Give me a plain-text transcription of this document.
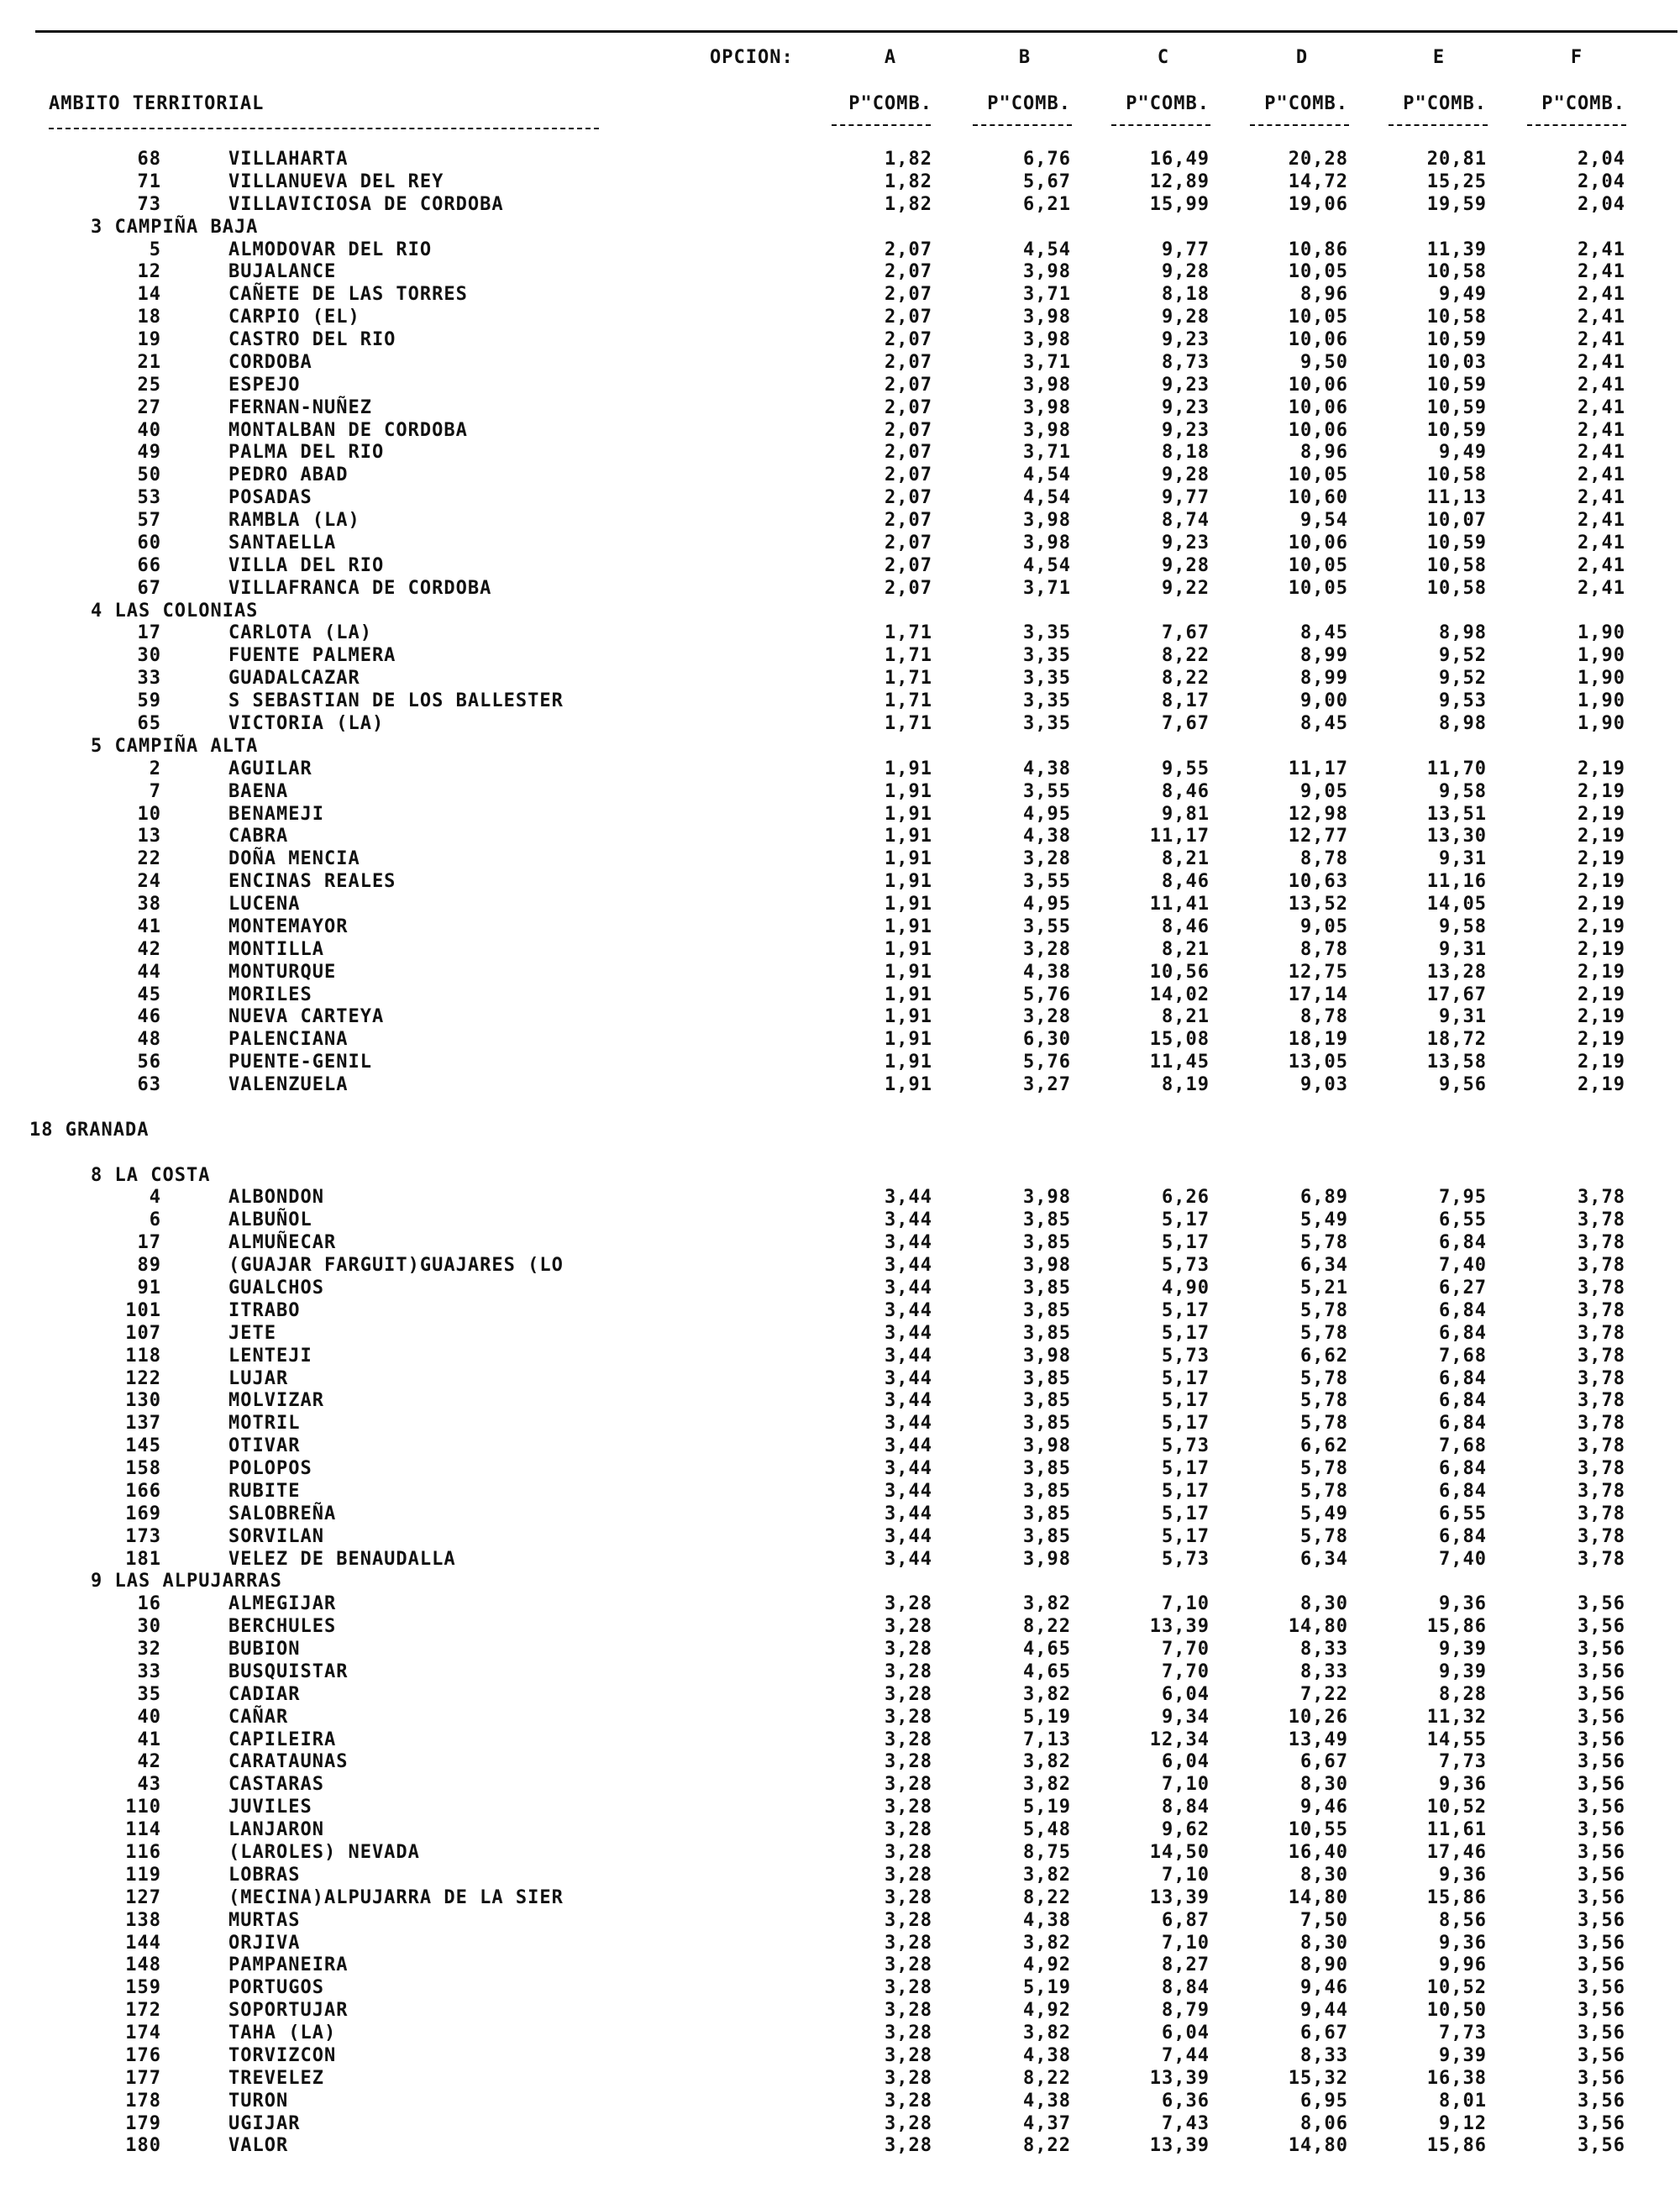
OPCION:	A	B	C	D	E	F
AMBITO TERRITORIAL	P"COMB.	P"COMB.	P"COMB.	P"COMB.	P"COMB.	P"COMB.
68	VILLAHARTA	1,82	6,76	16,49	20,28	20,81	2,04
71	VILLANUEVA DEL REY	1,82	5,67	12,89	14,72	15,25	2,04
73	VILLAVICIOSA DE CORDOBA	1,82	6,21	15,99	19,06	19,59	2,04
3 CAMPIÑA BAJA
5	ALMODOVAR DEL RIO	2,07	4,54	9,77	10,86	11,39	2,41
12	BUJALANCE	2,07	3,98	9,28	10,05	10,58	2,41
14	CAÑETE DE LAS TORRES	2,07	3,71	8,18	8,96	9,49	2,41
18	CARPIO (EL)	2,07	3,98	9,28	10,05	10,58	2,41
19	CASTRO DEL RIO	2,07	3,98	9,23	10,06	10,59	2,41
21	CORDOBA	2,07	3,71	8,73	9,50	10,03	2,41
25	ESPEJO	2,07	3,98	9,23	10,06	10,59	2,41
27	FERNAN-NUÑEZ	2,07	3,98	9,23	10,06	10,59	2,41
40	MONTALBAN DE CORDOBA	2,07	3,98	9,23	10,06	10,59	2,41
49	PALMA DEL RIO	2,07	3,71	8,18	8,96	9,49	2,41
50	PEDRO ABAD	2,07	4,54	9,28	10,05	10,58	2,41
53	POSADAS	2,07	4,54	9,77	10,60	11,13	2,41
57	RAMBLA (LA)	2,07	3,98	8,74	9,54	10,07	2,41
60	SANTAELLA	2,07	3,98	9,23	10,06	10,59	2,41
66	VILLA DEL RIO	2,07	4,54	9,28	10,05	10,58	2,41
67	VILLAFRANCA DE CORDOBA	2,07	3,71	9,22	10,05	10,58	2,41
4 LAS COLONIAS
17	CARLOTA (LA)	1,71	3,35	7,67	8,45	8,98	1,90
30	FUENTE PALMERA	1,71	3,35	8,22	8,99	9,52	1,90
33	GUADALCAZAR	1,71	3,35	8,22	8,99	9,52	1,90
59	S SEBASTIAN DE LOS BALLESTER	1,71	3,35	8,17	9,00	9,53	1,90
65	VICTORIA (LA)	1,71	3,35	7,67	8,45	8,98	1,90
5 CAMPIÑA ALTA
2	AGUILAR	1,91	4,38	9,55	11,17	11,70	2,19
7	BAENA	1,91	3,55	8,46	9,05	9,58	2,19
10	BENAMEJI	1,91	4,95	9,81	12,98	13,51	2,19
13	CABRA	1,91	4,38	11,17	12,77	13,30	2,19
22	DOÑA MENCIA	1,91	3,28	8,21	8,78	9,31	2,19
24	ENCINAS REALES	1,91	3,55	8,46	10,63	11,16	2,19
38	LUCENA	1,91	4,95	11,41	13,52	14,05	2,19
41	MONTEMAYOR	1,91	3,55	8,46	9,05	9,58	2,19
42	MONTILLA	1,91	3,28	8,21	8,78	9,31	2,19
44	MONTURQUE	1,91	4,38	10,56	12,75	13,28	2,19
45	MORILES	1,91	5,76	14,02	17,14	17,67	2,19
46	NUEVA CARTEYA	1,91	3,28	8,21	8,78	9,31	2,19
48	PALENCIANA	1,91	6,30	15,08	18,19	18,72	2,19
56	PUENTE-GENIL	1,91	5,76	11,45	13,05	13,58	2,19
63	VALENZUELA	1,91	3,27	8,19	9,03	9,56	2,19
18 GRANADA
8 LA COSTA
4	ALBONDON	3,44	3,98	6,26	6,89	7,95	3,78
6	ALBUÑOL	3,44	3,85	5,17	5,49	6,55	3,78
17	ALMUÑECAR	3,44	3,85	5,17	5,78	6,84	3,78
89	(GUAJAR FARGUIT)GUAJARES (LO	3,44	3,98	5,73	6,34	7,40	3,78
91	GUALCHOS	3,44	3,85	4,90	5,21	6,27	3,78
101	ITRABO	3,44	3,85	5,17	5,78	6,84	3,78
107	JETE	3,44	3,85	5,17	5,78	6,84	3,78
118	LENTEJI	3,44	3,98	5,73	6,62	7,68	3,78
122	LUJAR	3,44	3,85	5,17	5,78	6,84	3,78
130	MOLVIZAR	3,44	3,85	5,17	5,78	6,84	3,78
137	MOTRIL	3,44	3,85	5,17	5,78	6,84	3,78
145	OTIVAR	3,44	3,98	5,73	6,62	7,68	3,78
158	POLOPOS	3,44	3,85	5,17	5,78	6,84	3,78
166	RUBITE	3,44	3,85	5,17	5,78	6,84	3,78
169	SALOBREÑA	3,44	3,85	5,17	5,49	6,55	3,78
173	SORVILAN	3,44	3,85	5,17	5,78	6,84	3,78
181	VELEZ DE BENAUDALLA	3,44	3,98	5,73	6,34	7,40	3,78
9 LAS ALPUJARRAS
16	ALMEGIJAR	3,28	3,82	7,10	8,30	9,36	3,56
30	BERCHULES	3,28	8,22	13,39	14,80	15,86	3,56
32	BUBION	3,28	4,65	7,70	8,33	9,39	3,56
33	BUSQUISTAR	3,28	4,65	7,70	8,33	9,39	3,56
35	CADIAR	3,28	3,82	6,04	7,22	8,28	3,56
40	CAÑAR	3,28	5,19	9,34	10,26	11,32	3,56
41	CAPILEIRA	3,28	7,13	12,34	13,49	14,55	3,56
42	CARATAUNAS	3,28	3,82	6,04	6,67	7,73	3,56
43	CASTARAS	3,28	3,82	7,10	8,30	9,36	3,56
110	JUVILES	3,28	5,19	8,84	9,46	10,52	3,56
114	LANJARON	3,28	5,48	9,62	10,55	11,61	3,56
116	(LAROLES) NEVADA	3,28	8,75	14,50	16,40	17,46	3,56
119	LOBRAS	3,28	3,82	7,10	8,30	9,36	3,56
127	(MECINA)ALPUJARRA DE LA SIER	3,28	8,22	13,39	14,80	15,86	3,56
138	MURTAS	3,28	4,38	6,87	7,50	8,56	3,56
144	ORJIVA	3,28	3,82	7,10	8,30	9,36	3,56
148	PAMPANEIRA	3,28	4,92	8,27	8,90	9,96	3,56
159	PORTUGOS	3,28	5,19	8,84	9,46	10,52	3,56
172	SOPORTUJAR	3,28	4,92	8,79	9,44	10,50	3,56
174	TAHA (LA)	3,28	3,82	6,04	6,67	7,73	3,56
176	TORVIZCON	3,28	4,38	7,44	8,33	9,39	3,56
177	TREVELEZ	3,28	8,22	13,39	15,32	16,38	3,56
178	TURON	3,28	4,38	6,36	6,95	8,01	3,56
179	UGIJAR	3,28	4,37	7,43	8,06	9,12	3,56
180	VALOR	3,28	8,22	13,39	14,80	15,86	3,56
